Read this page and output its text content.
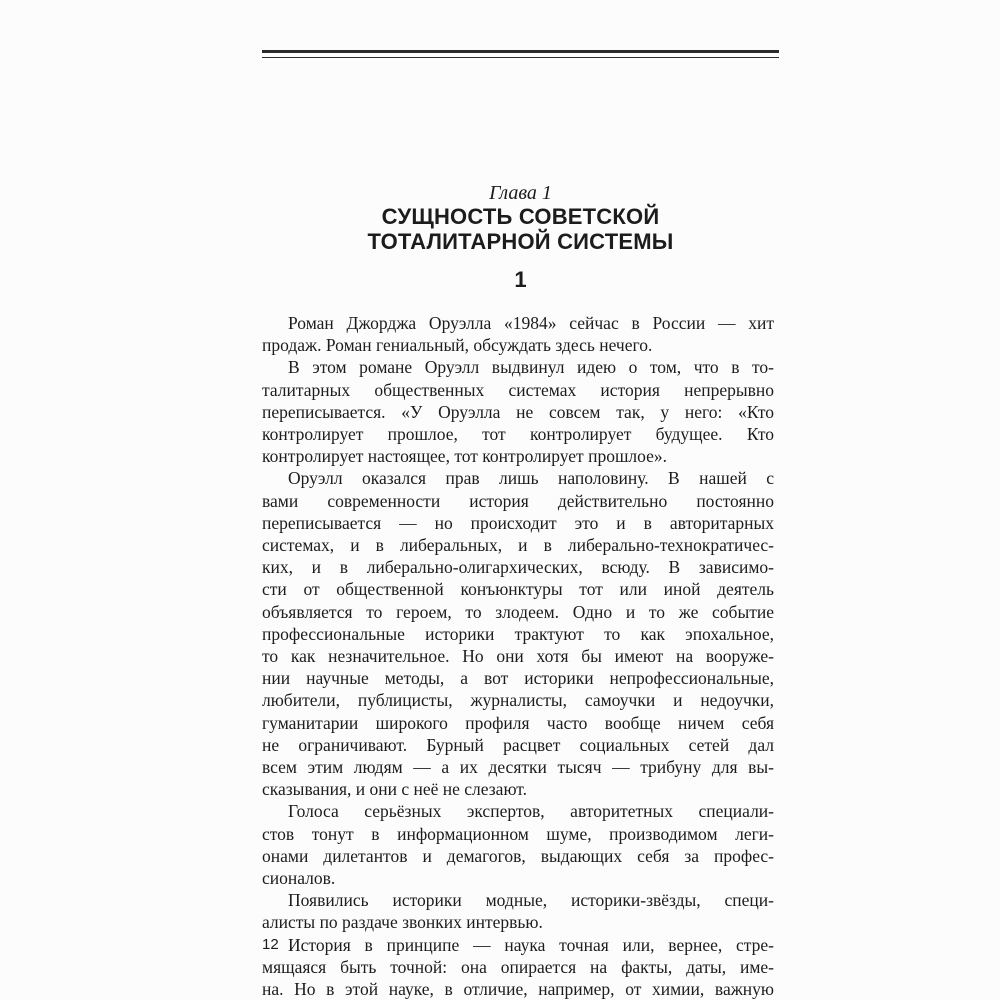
Глава 1
СУЩНОСТЬ СОВЕТСКОЙ
ТОТАЛИТАРНОЙ СИСТЕМЫ
1

Роман Джорджа Оруэлла «1984» сейчас в России — хит
продаж. Роман гениальный, обсуждать здесь нечего.

В этом романе Оруэлл выдвинул идею о том, что в то-
талитарных общественных системах история непрерывно
переписывается. «У Оруэлла не совсем так, у него: «Кто
контролирует прошлое, тот контролирует будущее. Кто
контролирует настоящее, тот контролирует прошлое».

Оруэлл оказался прав лишь наполовину. В нашей с
вами современности история действительно постоянно
переписывается — но происходит это и в авторитарных
системах, и в либеральных, и в либерально-технократичес-
ких, и в либерально-олигархических, всюду. В зависимо-
сти от общественной конъюнктуры тот или иной деятель
объявляется то героем, то злодеем. Одно и то же событие
профессиональные историки трактуют то как эпохальное,
то как незначительное. Но они хотя бы имеют на вооруже-
нии научные методы, а вот историки непрофессиональные,
любители, публицисты, журналисты, самоучки и недоучки,
гуманитарии широкого профиля часто вообще ничем себя
не ограничивают. Бурный расцвет социальных сетей дал
всем этим людям — а их десятки тысяч — трибуну для вы-
сказывания, и они с неё не слезают.

Голоса серьёзных экспертов, авторитетных специали-
стов тонут в информационном шуме, производимом леги-
онами дилетантов и демагогов, выдающих себя за профес-
сионалов.

Появились историки модные, историки-звёзды, специ-
алисты по раздаче звонких интервью.

История в принципе — наука точная или, вернее, стре-
мящаяся быть точной: она опирается на факты, даты, име-
на. Но в этой науке, в отличие, например, от химии, важную

12
